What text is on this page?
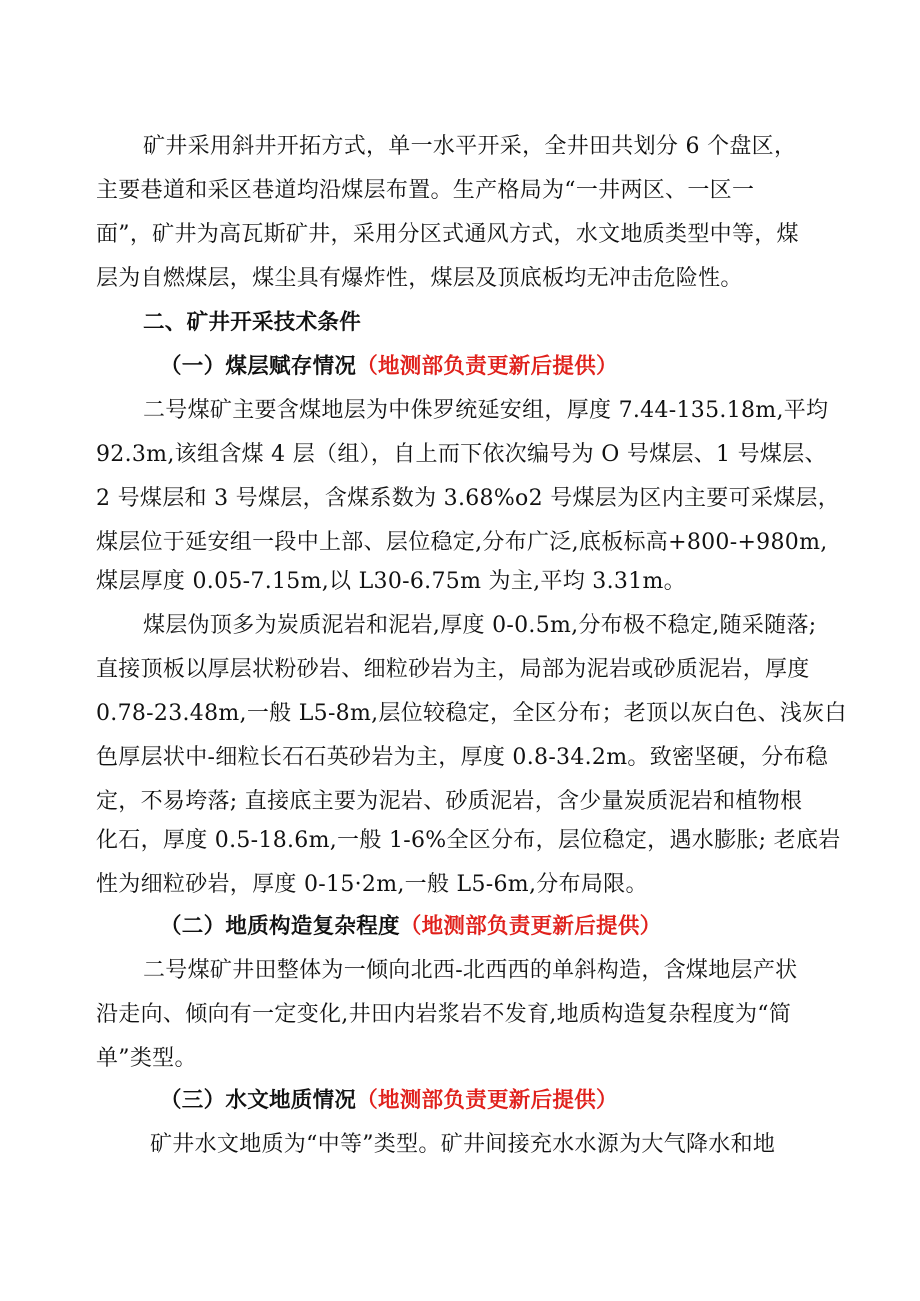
矿井采用斜井开拓方式，单一水平开采，全井田共划分 6 个盘区，
主要巷道和采区巷道均沿煤层布置。生产格局为“一井两区、一区一
面”，矿井为高瓦斯矿井，采用分区式通风方式，水文地质类型中等，煤
层为自燃煤层，煤尘具有爆炸性，煤层及顶底板均无冲击危险性。
二、矿井开采技术条件
（一）煤层赋存情况（地测部负责更新后提供）
二号煤矿主要含煤地层为中侏罗统延安组，厚度 7.44-135.18m,平均
92.3m,该组含煤 4 层（组），自上而下依次编号为 O 号煤层、1 号煤层、
2 号煤层和 3 号煤层，含煤系数为 3.68%o2 号煤层为区内主要可采煤层，
煤层位于延安组一段中上部、层位稳定,分布广泛,底板标高+800-+980m,
煤层厚度 0.05-7.15m,以 L30-6.75m 为主,平均 3.31m。
煤层伪顶多为炭质泥岩和泥岩,厚度 0-0.5m,分布极不稳定,随采随落;
直接顶板以厚层状粉砂岩、细粒砂岩为主，局部为泥岩或砂质泥岩，厚度
0.78-23.48m,一般 L5-8m,层位较稳定，全区分布；老顶以灰白色、浅灰白
色厚层状中-细粒长石石英砂岩为主，厚度 0.8-34.2m。致密坚硬，分布稳
定，不易垮落; 直接底主要为泥岩、砂质泥岩，含少量炭质泥岩和植物根
化石，厚度 0.5-18.6m,一般 1-6%全区分布，层位稳定，遇水膨胀; 老底岩
性为细粒砂岩，厚度 0-15·2m,一般 L5-6m,分布局限。
（二）地质构造复杂程度（地测部负责更新后提供）
二号煤矿井田整体为一倾向北西-北西西的单斜构造，含煤地层产状
沿走向、倾向有一定变化,井田内岩浆岩不发育,地质构造复杂程度为“简
单”类型。
（三）水文地质情况（地测部负责更新后提供）
矿井水文地质为“中等”类型。矿井间接充水水源为大气降水和地
